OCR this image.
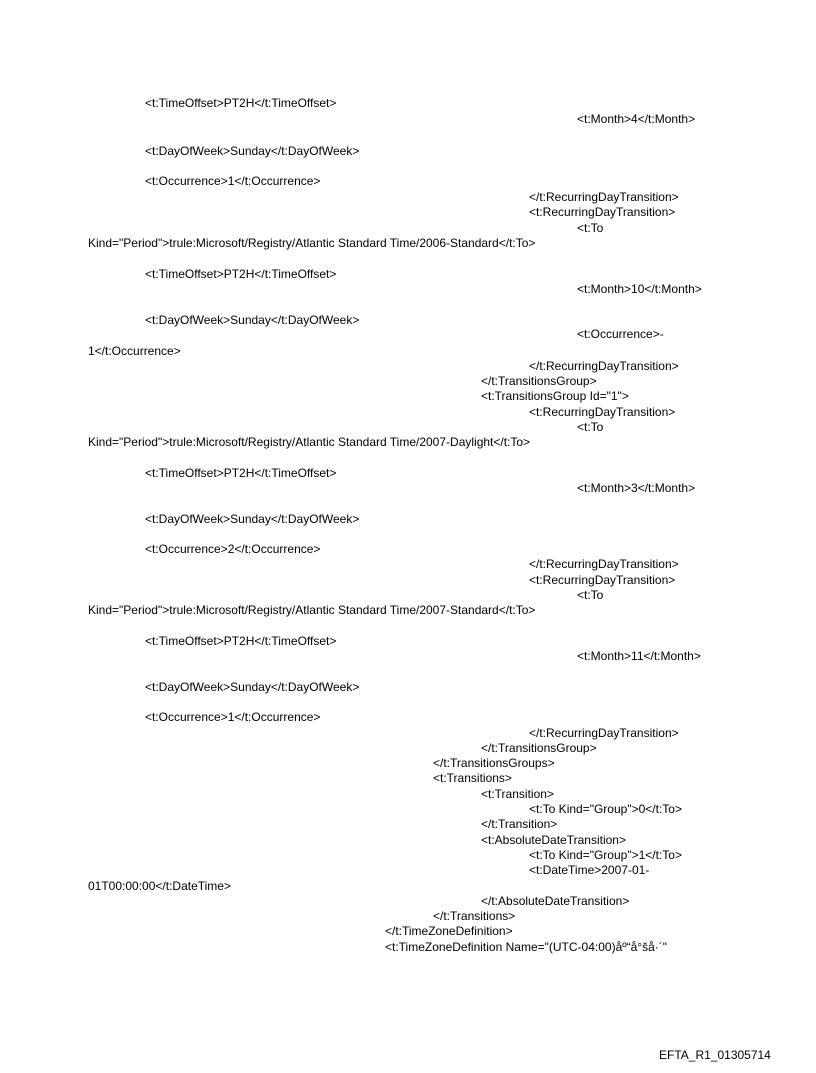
<t:TimeOffset>PT2H</t:TimeOffset>
<t:Month>4</t:Month>
<t:DayOfWeek>Sunday</t:DayOfWeek>
<t:Occurrence>1</t:Occurrence>
</t:RecurringDayTransition>
<t:RecurringDayTransition>
<t:To
Kind="Period">trule:Microsoft/Registry/Atlantic Standard Time/2006-Standard</t:To>
<t:TimeOffset>PT2H</t:TimeOffset>
<t:Month>10</t:Month>
<t:DayOfWeek>Sunday</t:DayOfWeek>
<t:Occurrence>-
1</t:Occurrence>
</t:RecurringDayTransition>
</t:TransitionsGroup>
<t:TransitionsGroup Id="1">
<t:RecurringDayTransition>
<t:To
Kind="Period">trule:Microsoft/Registry/Atlantic Standard Time/2007-Daylight</t:To>
<t:TimeOffset>PT2H</t:TimeOffset>
<t:Month>3</t:Month>
<t:DayOfWeek>Sunday</t:DayOfWeek>
<t:Occurrence>2</t:Occurrence>
</t:RecurringDayTransition>
<t:RecurringDayTransition>
<t:To
Kind="Period">trule:Microsoft/Registry/Atlantic Standard Time/2007-Standard</t:To>
<t:TimeOffset>PT2H</t:TimeOffset>
<t:Month>11</t:Month>
<t:DayOfWeek>Sunday</t:DayOfWeek>
<t:Occurrence>1</t:Occurrence>
</t:RecurringDayTransition>
</t:TransitionsGroup>
</t:TransitionsGroups>
<t:Transitions>
<t:Transition>
<t:To Kind="Group">0</t:To>
</t:Transition>
<t:AbsoluteDateTransition>
<t:To Kind="Group">1</t:To>
<t:DateTime>2007-01-
01T00:00:00</t:DateTime>
</t:AbsoluteDateTransition>
</t:Transitions>
</t:TimeZoneDefinition>
<t:TimeZoneDefinition Name="(UTC-04:00)åº“å°šå·´"
EFTA_R1_01305714
